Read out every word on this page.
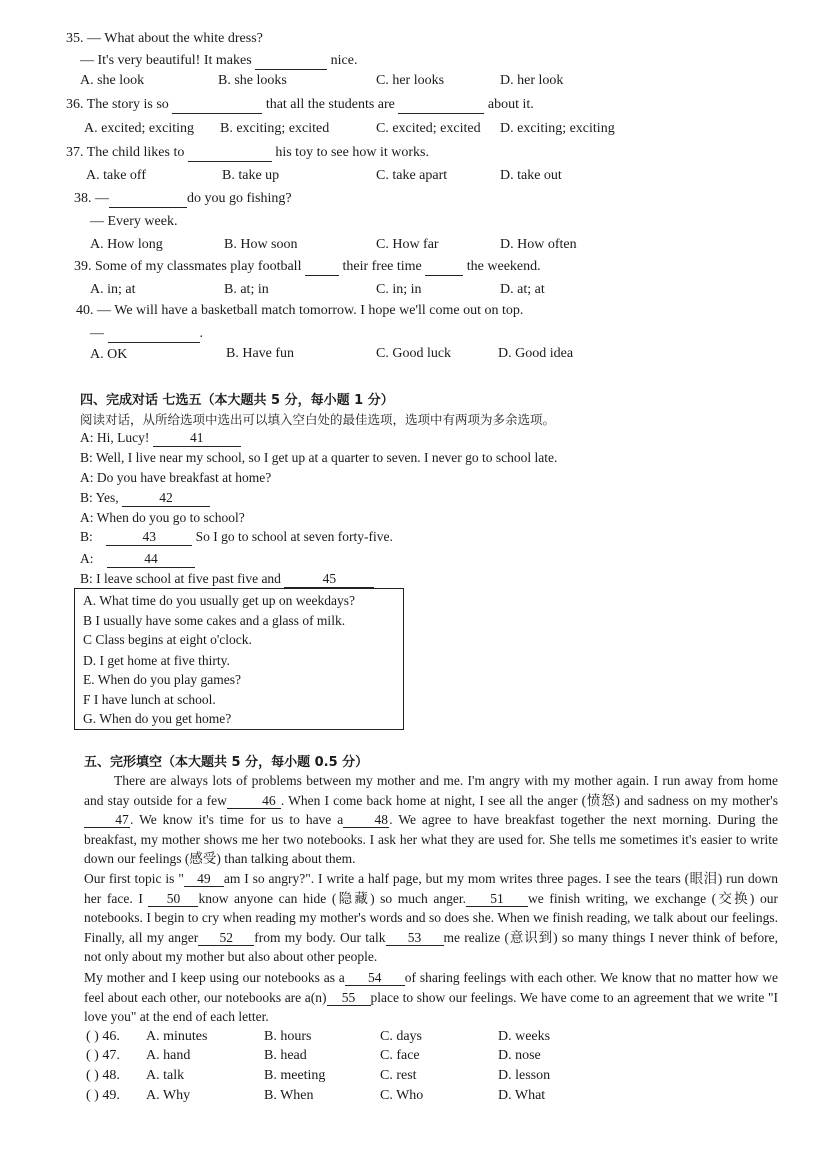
35. — What about the white dress?
— It's very beautiful! It makes	nice.
A. she look	B. she looks	C. her looks	D. her look
36. The story is so	that all the students are	about it.
A. excited; exciting B. exciting; excited	C. excited; excited D. exciting; exciting
37. The child likes to	his toy to see how it works.
A. take off	B. take up	C. take apart	D. take out
38. —	do you go fishing?
— Every week.
A. How long	B. How soon	C. How far	D. How often
39. Some of my classmates play football	their free time	the weekend.
A. in; at	B. at; in	C. in; in	D. at; at
40. — We will have a basketball match tomorrow. I hope we'll come out on top.
—	.
A. OK	B. Have fun	C. Good luck	D. Good idea
四、完成对话 七选五（本大题共 5 分，每小题 1 分）
阅读对话，从所给选项中选出可以填入空白处的最佳选项，选项中有两项为多余选项。
A: Hi, Lucy!	41
B: Well, I live near my school, so I get up at a quarter to seven. I never go to school late.
A: Do you have breakfast at home?
B: Yes,	42
A: When do you go to school?
B:	43	So I go to school at seven forty-five.
A:	44
B: I leave school at five past five and	45
A. What time do you usually get up on weekdays?
B I usually have some cakes and a glass of milk.
C Class begins at eight o'clock.
D. I get home at five thirty.
E. When do you play games?
F I have lunch at school.
G. When do you get home?
五、完形填空（本大题共 5 分，每小题 0.5 分）
There are always lots of problems between my mother and me. I'm angry with my mother again. I run away from home and stay outside for a few	46 . When I come back home at night, I see all the anger (愤怒) and sadness on my mother's47. We know it's time for us to have a 48. We agree to have breakfast together the next morning. During the breakfast, my mother shows me her two notebooks. I ask her what they are used for. She tells me sometimes it's easier to write down our feelings (感受) than talking about them.
Our first topic is " 49 am I so angry?". I write a half page, but my mom writes three pages. I see the tears (眼泪) run down her face. I 50 know anyone can hide (隐藏) so much anger. 51 we finish writing, we exchange (交换) our notebooks. I begin to cry when reading my mother's words and so does she. When we finish reading, we talk about our feelings. Finally, all my anger 52 from my body. Our talk 53 me realize (意识到) so many things I never think of before, not only about my mother but also about other people.
My mother and I keep using our notebooks as a 54 of sharing feelings with each other. We know that no matter how we feel about each other, our notebooks are a(n) 55 place to show our feelings. We have come to an agreement that we write "I love you" at the end of each letter.
( ) 46. A. minutes	B. hours	C. days	D. weeks
( ) 47. A. hand	B. head	C. face	D. nose
( ) 48. A. talk	B. meeting	C. rest	D. lesson
( ) 49. A. Why	B. When	C. Who	D. What
